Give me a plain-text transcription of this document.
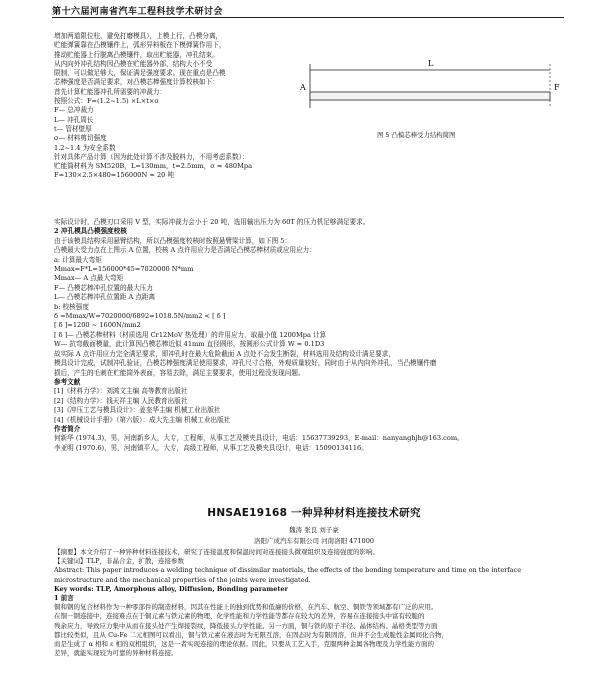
第十六届河南省汽车工程科技学术研讨会

增加两道限位柱，避免打磨模具），上模上行，凸模分离，

贮能弹簧靠在凸模镶件上，弧形异料板在下模弹簧作用下，

推动贮能器上行脱离凸模镶件，取出贮能器，冲孔结束。

从内向外冲孔结构因凸模在贮能器外部，结构大小不受

限制，可以做足够大，保证满足强度要求。现在重点是凸模

芯棒强度是否满足要求，对凸模芯棒强度计算校核如下：

首先计算贮能器冲孔所需要的冲裁力：

按照公式：F=(1.2~1.5) ×L×t×σ

F— 总冲裁力

L— 冲孔周长

t— 管材壁厚

σ— 材料剪切强度

1.2~1.4 为安全系数

针对具体产品计算（因为此处计算不涉及脱料力，不用考虑系数）：

贮能筒材料为 SM520B，L=130mm，t=2.5mm，σ ≈ 480Mpa

F=130×2.5×480=156000N ≈ 20 吨

L
A	F
图 5 凸模芯棒受力结构简图

实际设计时，凸模刃口采用 V 型，实际冲裁力会小于 20 吨，选用输出压力为 60T 的压力机足够满足要求。

2 冲孔模具凸模强度校核

由于该模具结构采用悬臂结构，所以凸模强度校核时按照悬臂梁计算，如下图 5：

凸模最大受力点在上图示 A 位置，校核 A 点许用应力是否满足凸模芯棒材质或应用应力：

a: 计算最大弯矩

Mmax=F*L=156000*45=7020000 N*mm

Mmax— A 点最大弯矩

F— 凸模芯棒冲孔位置的最大压力

L— 凸模芯棒冲孔位置距 A 点距离

b: 校核强度

δ =Mmax/W=7020000/6892=1018.5N/mm2 < [ δ ]

[ δ ]=1200 ~ 1600N/mm2

[ δ ]— 凸模芯棒材料（材质选用 Cr12MoV 热处理）的许用应力，取最小值 1200Mpa 计算

W— 抗弯截面模量，此计算因凸模芯棒近似 41mm 直径圆形，按圆形公式计算 W ≈ 0.1D3

故实际 A 点许用应力完全满足要求，即冲孔时在最大危险截面 A 点处不会发生断裂，材料选用及结构设计满足要求，

模具设计完成，试制冲孔验证，凸模芯棒强度满足使用要求，冲孔尺寸合格，外观质量较好，同时由于从内向外冲孔，当凸模镶件磨

损后，产生的毛刺在贮能筒外表面，容易去除，满足主要要求，使用过程没发现问题。

参考文献

[1]《材料力学》：刘鸿文主编 高等教育出版社

[2]《结构力学》：钱天祥主编 人民教育出版社

[3]《冲压工艺与模具设计》：姜奎华主编 机械工业出版社

[4]《机械设计手册》（第六版）：成大先主编 机械工业出版社

作者简介

何新华 (1974.3)，男，河南新乡人，大专，工程师，从事工艺及模夹具设计，电话：15637739293，E-mail：nanyanghjh@163.com。

李亚明 (1970.6)，男，河南镇平人，大专，高级工程师，从事工艺及模夹具设计，电话：15090134116。

HNSAE19168 一种异种材料连接技术研究
魏涛 张良 刘子豪
洛阳广成汽车有限公司 河南洛阳 471000

【摘要】本文介绍了一种异种材料连接技术，研究了连接温度和保温时间对连接接头微观组织及连接强度的影响。

【关键词】TLP，非晶合金，扩散，连接参数

Abstract: This paper introduces a welding technique of dissimilar materials, the effects of the bonding temperature and time on the interface

microstructure and the mechanical properties of the joints were investigated.

Key words: TLP, Amorphous alloy, Diffusion, Bonding parameter

1 前言

铜和钢的复合材料作为一种零部件的制造材料，因其在性能上的独到优势和低廉的价格，在汽车、航空、铜铁等领域都有广泛的应用。

在铜－钢连接中，连接难点在于铜元素与铁元素的物理、化学性能和力学性能等都存在较大的差异，容易在连接接头中富有较脆的

残余应力，导致应力集中从而在接头处产生焊接裂纹，降低接头力学性能。另一方面，铜与铁的原子半径、晶体结构、晶格类型等方面

都比较类似，且从 Cu-Fe 二元相图可以看出，铜与铁元素在液态时为无限互溶，在固态时为有限固溶，但并不会生成脆性金属间化合物，

而是生成了 α 相和 ε 相的双相组织，这是一者实现连接的理论依据。因此，只要从工艺入手，克服两种金属各物理及力学性能方面的

差异，就能实现较为可靠的异种材料连接。
